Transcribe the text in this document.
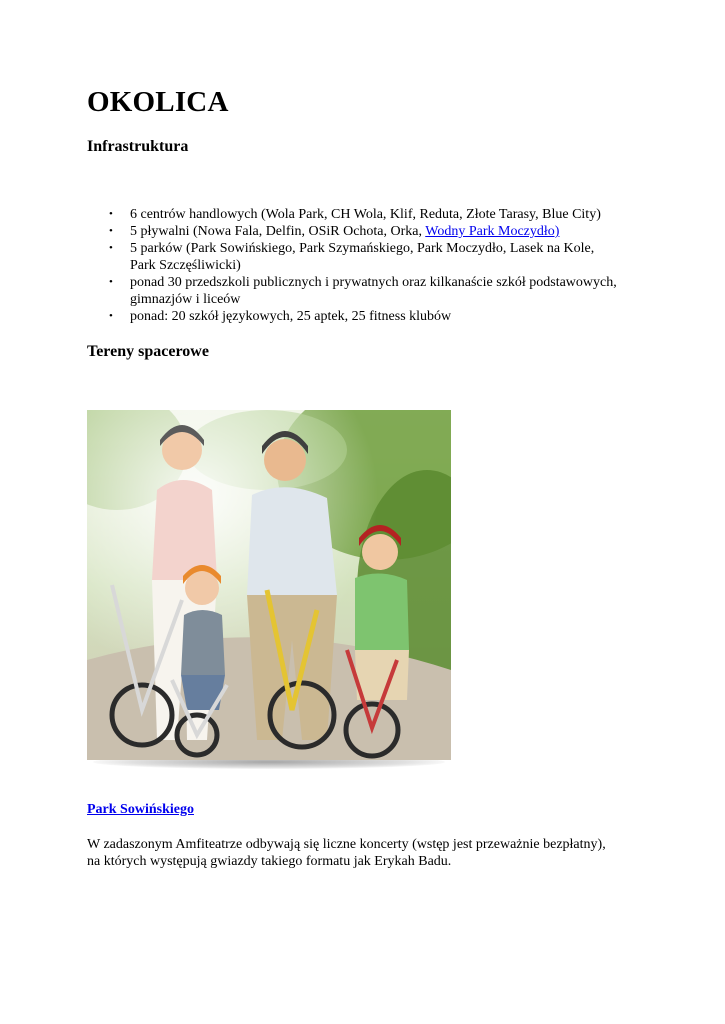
OKOLICA
Infrastruktura
• 6 centrów handlowych (Wola Park, CH Wola, Klif, Reduta, Złote Tarasy, Blue City)
• 5 pływalni (Nowa Fala, Delfin, OSiR Ochota, Orka, Wodny Park Moczydło)
• 5 parków (Park Sowińskiego, Park Szymańskiego, Park Moczydło, Lasek na Kole,
Park Szczęśliwicki)
• ponad 30 przedszkoli publicznych i prywatnych oraz kilkanaście szkół podstawowych,
gimnazjów i liceów
• ponad: 20 szkół językowych, 25 aptek, 25 fitness klubów
Tereny spacerowe
Park Sowińskiego

W zadaszonym Amfiteatrze odbywają się liczne koncerty (wstęp jest przeważnie bezpłatny),
na których występują gwiazdy takiego formatu jak Erykah Badu.
